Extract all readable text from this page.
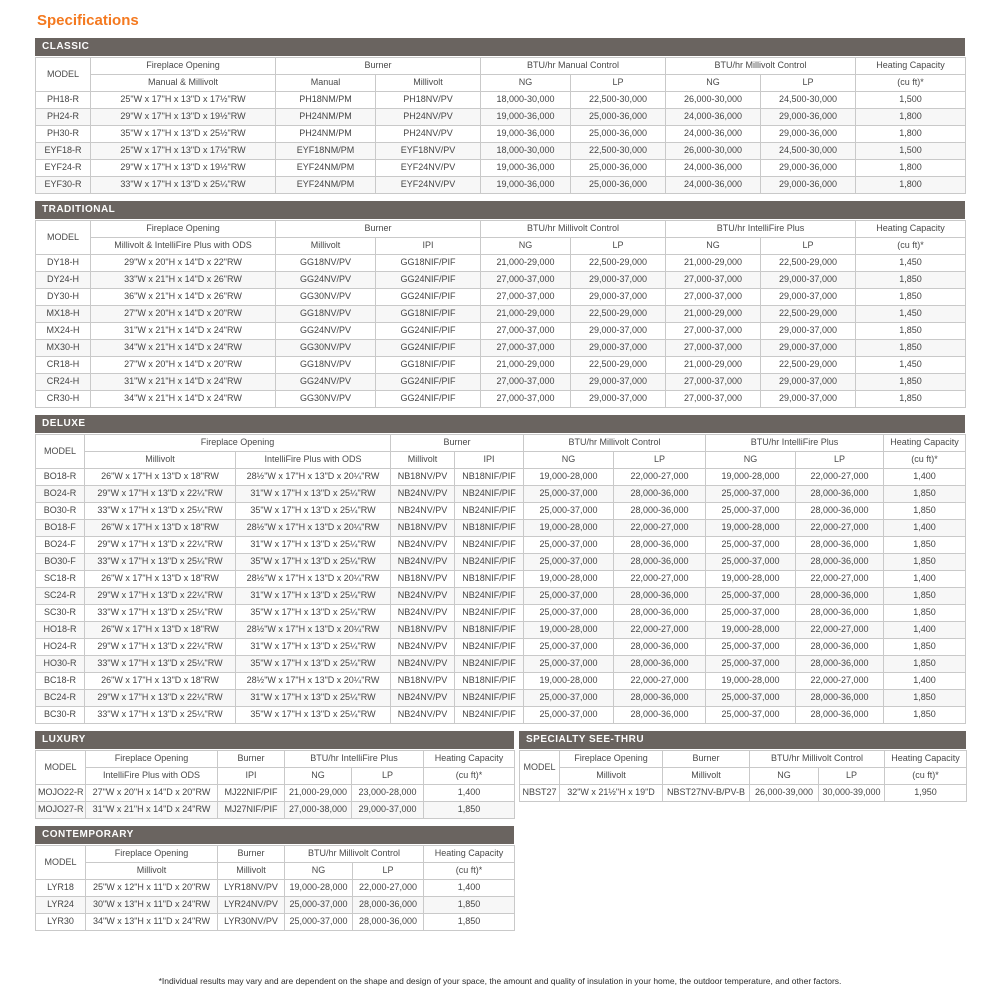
Specifications
CLASSIC
MODEL	Fireplace Opening	Burner		BTU/hr Manual Control		BTU/hr Millivolt Control		Heating Capacity
	Manual & Millivolt	Manual	Millivolt	NG	LP	NG	LP	(cu ft)*
PH18-R	25"W x 17"H x 13"D x 17½"RW	PH18NM/PM	PH18NV/PV	18,000-30,000	22,500-30,000	26,000-30,000	24,500-30,000	1,500
PH24-R	29"W x 17"H x 13"D x 19½"RW	PH24NM/PM	PH24NV/PV	19,000-36,000	25,000-36,000	24,000-36,000	29,000-36,000	1,800
PH30-R	35"W x 17"H x 13"D x 25½"RW	PH24NM/PM	PH24NV/PV	19,000-36,000	25,000-36,000	24,000-36,000	29,000-36,000	1,800
EYF18-R	25"W x 17"H x 13"D x 17½"RW	EYF18NM/PM	EYF18NV/PV	18,000-30,000	22,500-30,000	26,000-30,000	24,500-30,000	1,500
EYF24-R	29"W x 17"H x 13"D x 19½"RW	EYF24NM/PM	EYF24NV/PV	19,000-36,000	25,000-36,000	24,000-36,000	29,000-36,000	1,800
EYF30-R	33"W x 17"H x 13"D x 25¼"RW	EYF24NM/PM	EYF24NV/PV	19,000-36,000	25,000-36,000	24,000-36,000	29,000-36,000	1,800
TRADITIONAL
MODEL	Fireplace Opening	Burner		BTU/hr Millivolt Control		BTU/hr IntelliFire Plus		Heating Capacity
	Millivolt & IntelliFire Plus with ODS	Millivolt	IPI	NG	LP	NG	LP	(cu ft)*
DY18-H	29"W x 20"H x 14"D x 22"RW	GG18NV/PV	GG18NIF/PIF	21,000-29,000	22,500-29,000	21,000-29,000	22,500-29,000	1,450
DY24-H	33"W x 21"H x 14"D x 26"RW	GG24NV/PV	GG24NIF/PIF	27,000-37,000	29,000-37,000	27,000-37,000	29,000-37,000	1,850
DY30-H	36"W x 21"H x 14"D x 26"RW	GG30NV/PV	GG24NIF/PIF	27,000-37,000	29,000-37,000	27,000-37,000	29,000-37,000	1,850
MX18-H	27"W x 20"H x 14"D x 20"RW	GG18NV/PV	GG18NIF/PIF	21,000-29,000	22,500-29,000	21,000-29,000	22,500-29,000	1,450
MX24-H	31"W x 21"H x 14"D x 24"RW	GG24NV/PV	GG24NIF/PIF	27,000-37,000	29,000-37,000	27,000-37,000	29,000-37,000	1,850
MX30-H	34"W x 21"H x 14"D x 24"RW	GG30NV/PV	GG24NIF/PIF	27,000-37,000	29,000-37,000	27,000-37,000	29,000-37,000	1,850
CR18-H	27"W x 20"H x 14"D x 20"RW	GG18NV/PV	GG18NIF/PIF	21,000-29,000	22,500-29,000	21,000-29,000	22,500-29,000	1,450
CR24-H	31"W x 21"H x 14"D x 24"RW	GG24NV/PV	GG24NIF/PIF	27,000-37,000	29,000-37,000	27,000-37,000	29,000-37,000	1,850
CR30-H	34"W x 21"H x 14"D x 24"RW	GG30NV/PV	GG24NIF/PIF	27,000-37,000	29,000-37,000	27,000-37,000	29,000-37,000	1,850
DELUXE
MODEL	Fireplace Opening		Burner		BTU/hr Millivolt Control		BTU/hr IntelliFire Plus		Heating Capacity
	Millivolt	IntelliFire Plus with ODS	Millivolt	IPI	NG	LP	NG	LP	(cu ft)*
BO18-R	26"W x 17"H x 13"D x 18"RW	28½"W x 17"H x 13"D x 20¼"RW	NB18NV/PV	NB18NIF/PIF	19,000-28,000	22,000-27,000	19,000-28,000	22,000-27,000	1,400
BO24-R	29"W x 17"H x 13"D x 22¼"RW	31"W x 17"H x 13"D x 25¼"RW	NB24NV/PV	NB24NIF/PIF	25,000-37,000	28,000-36,000	25,000-37,000	28,000-36,000	1,850
BO30-R	33"W x 17"H x 13"D x 25¼"RW	35"W x 17"H x 13"D x 25¼"RW	NB24NV/PV	NB24NIF/PIF	25,000-37,000	28,000-36,000	25,000-37,000	28,000-36,000	1,850
BO18-F	26"W x 17"H x 13"D x 18"RW	28½"W x 17"H x 13"D x 20¼"RW	NB18NV/PV	NB18NIF/PIF	19,000-28,000	22,000-27,000	19,000-28,000	22,000-27,000	1,400
BO24-F	29"W x 17"H x 13"D x 22¼"RW	31"W x 17"H x 13"D x 25¼"RW	NB24NV/PV	NB24NIF/PIF	25,000-37,000	28,000-36,000	25,000-37,000	28,000-36,000	1,850
BO30-F	33"W x 17"H x 13"D x 25¼"RW	35"W x 17"H x 13"D x 25¼"RW	NB24NV/PV	NB24NIF/PIF	25,000-37,000	28,000-36,000	25,000-37,000	28,000-36,000	1,850
SC18-R	26"W x 17"H x 13"D x 18"RW	28½"W x 17"H x 13"D x 20¼"RW	NB18NV/PV	NB18NIF/PIF	19,000-28,000	22,000-27,000	19,000-28,000	22,000-27,000	1,400
SC24-R	29"W x 17"H x 13"D x 22¼"RW	31"W x 17"H x 13"D x 25¼"RW	NB24NV/PV	NB24NIF/PIF	25,000-37,000	28,000-36,000	25,000-37,000	28,000-36,000	1,850
SC30-R	33"W x 17"H x 13"D x 25¼"RW	35"W x 17"H x 13"D x 25¼"RW	NB24NV/PV	NB24NIF/PIF	25,000-37,000	28,000-36,000	25,000-37,000	28,000-36,000	1,850
HO18-R	26"W x 17"H x 13"D x 18"RW	28½"W x 17"H x 13"D x 20¼"RW	NB18NV/PV	NB18NIF/PIF	19,000-28,000	22,000-27,000	19,000-28,000	22,000-27,000	1,400
HO24-R	29"W x 17"H x 13"D x 22¼"RW	31"W x 17"H x 13"D x 25¼"RW	NB24NV/PV	NB24NIF/PIF	25,000-37,000	28,000-36,000	25,000-37,000	28,000-36,000	1,850
HO30-R	33"W x 17"H x 13"D x 25¼"RW	35"W x 17"H x 13"D x 25¼"RW	NB24NV/PV	NB24NIF/PIF	25,000-37,000	28,000-36,000	25,000-37,000	28,000-36,000	1,850
BC18-R	26"W x 17"H x 13"D x 18"RW	28½"W x 17"H x 13"D x 20¼"RW	NB18NV/PV	NB18NIF/PIF	19,000-28,000	22,000-27,000	19,000-28,000	22,000-27,000	1,400
BC24-R	29"W x 17"H x 13"D x 22¼"RW	31"W x 17"H x 13"D x 25¼"RW	NB24NV/PV	NB24NIF/PIF	25,000-37,000	28,000-36,000	25,000-37,000	28,000-36,000	1,850
BC30-R	33"W x 17"H x 13"D x 25¼"RW	35"W x 17"H x 13"D x 25¼"RW	NB24NV/PV	NB24NIF/PIF	25,000-37,000	28,000-36,000	25,000-37,000	28,000-36,000	1,850
LUXURY
MODEL	Fireplace Opening	Burner	BTU/hr IntelliFire Plus		Heating Capacity
	IntelliFire Plus with ODS	IPI	NG	LP	(cu ft)*
MOJO22-R	27"W x 20"H x 14"D x 20"RW	MJ22NIF/PIF	21,000-29,000	23,000-28,000	1,400
MOJO27-R	31"W x 21"H x 14"D x 24"RW	MJ27NIF/PIF	27,000-38,000	29,000-37,000	1,850
SPECIALTY SEE-THRU
MODEL	Fireplace Opening	Burner	BTU/hr Millivolt Control		Heating Capacity
	Millivolt	Millivolt	NG	LP	(cu ft)*
NBST27	32"W x 21½"H x 19"D	NBST27NV-B/PV-B	26,000-39,000	30,000-39,000	1,950
CONTEMPORARY
MODEL	Fireplace Opening	Burner	BTU/hr Millivolt Control		Heating Capacity
	Millivolt	Millivolt	NG	LP	(cu ft)*
LYR18	25"W x 12"H x 11"D x 20"RW	LYR18NV/PV	19,000-28,000	22,000-27,000	1,400
LYR24	30"W x 13"H x 11"D x 24"RW	LYR24NV/PV	25,000-37,000	28,000-36,000	1,850
LYR30	34"W x 13"H x 11"D x 24"RW	LYR30NV/PV	25,000-37,000	28,000-36,000	1,850

*Individual results may vary and are dependent on the shape and design of your space, the amount and quality of insulation in your home, the outdoor temperature, and other factors.
